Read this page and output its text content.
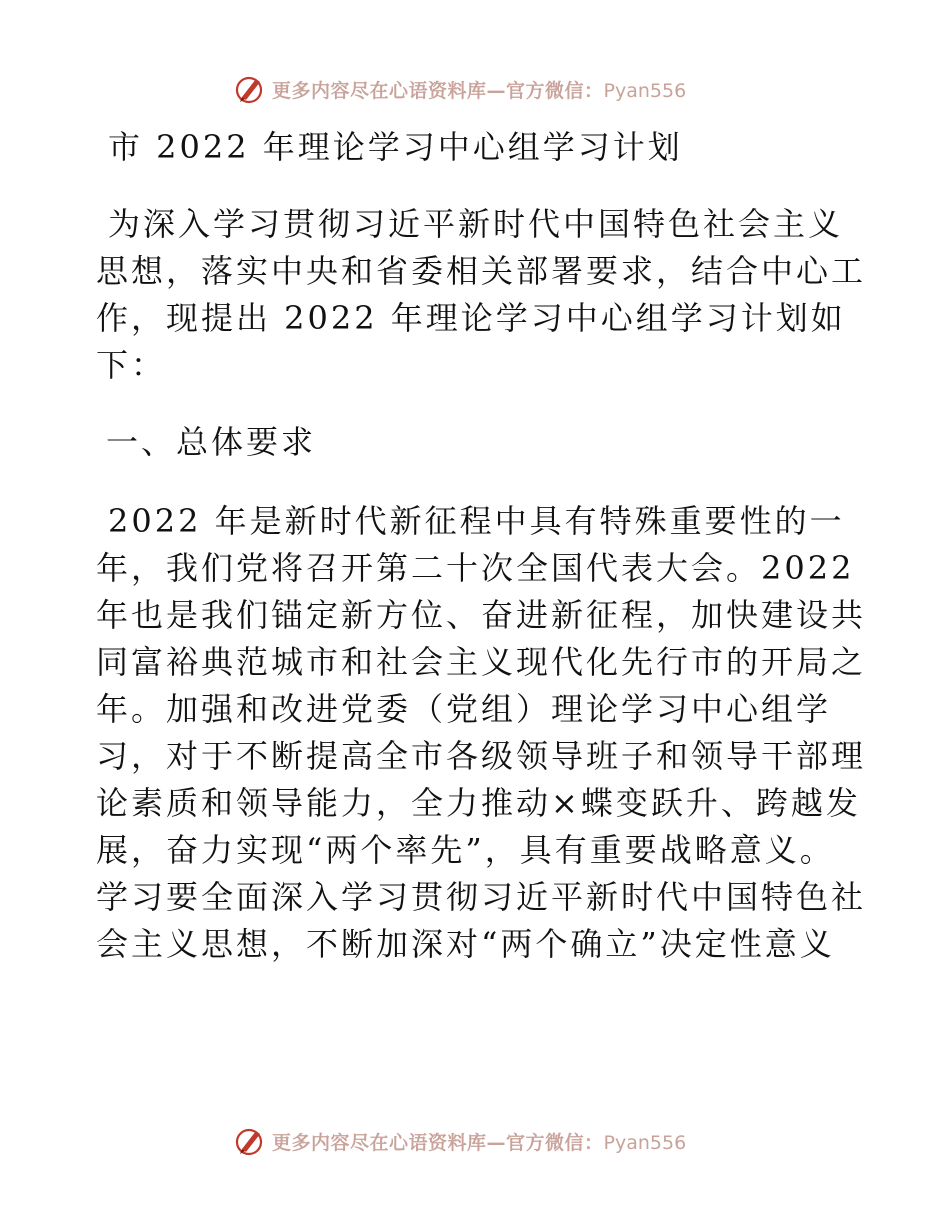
更多内容尽在心语资料库—官方微信：Pyan556

市 2022 年理论学习中心组学习计划

为深入学习贯彻习近平新时代中国特色社会主义思想，落实中央和省委相关部署要求，结合中心工作，现提出 2022 年理论学习中心组学习计划如下：

一、总体要求

2022 年是新时代新征程中具有特殊重要性的一年，我们党将召开第二十次全国代表大会。2022 年也是我们锚定新方位、奋进新征程，加快建设共同富裕典范城市和社会主义现代化先行市的开局之年。加强和改进党委（党组）理论学习中心组学习，对于不断提高全市各级领导班子和领导干部理论素质和领导能力，全力推动×蝶变跃升、跨越发展，奋力实现“两个率先”，具有重要战略意义。学习要全面深入学习贯彻习近平新时代中国特色社会主义思想，不断加深对“两个确立”决定性意义

更多内容尽在心语资料库—官方微信：Pyan556
